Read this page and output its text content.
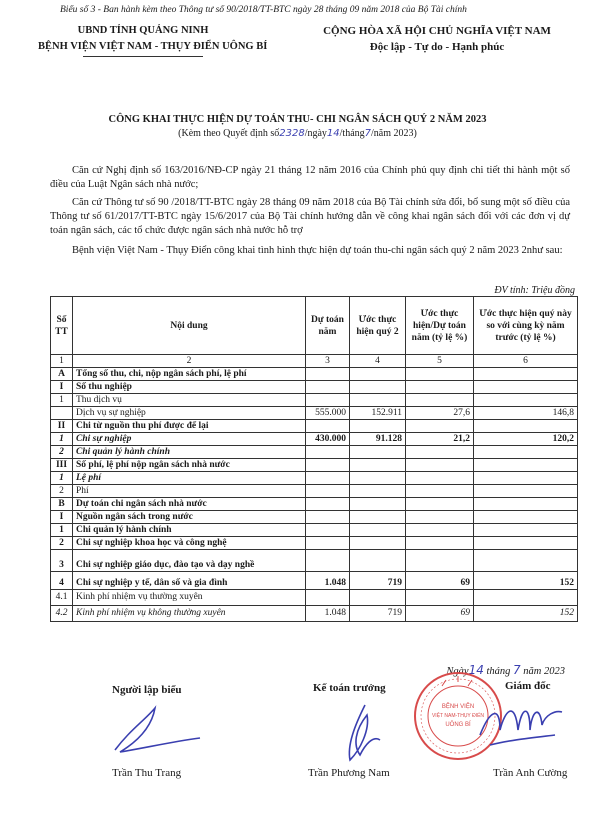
Biểu số 3 - Ban hành kèm theo Thông tư số 90/2018/TT-BTC ngày 28 tháng 09 năm 2018 của Bộ Tài chính
UBND TỈNH QUẢNG NINH
BỆNH VIỆN VIỆT NAM - THỤY ĐIỂN UÔNG BÍ
CỘNG HÒA XÃ HỘI CHỦ NGHĨA VIỆT NAM
Độc lập - Tự do - Hạnh phúc
CÔNG KHAI THỰC HIỆN DỰ TOÁN THU- CHI NGÂN SÁCH QUÝ 2 NĂM 2023
(Kèm theo Quyết định số2328/ngày14/tháng7/năm 2023)

Căn cứ Nghị định số 163/2016/NĐ-CP ngày 21 tháng 12 năm 2016 của Chính phủ quy định chi tiết thi hành một số điều của Luật Ngân sách nhà nước;

Căn cứ Thông tư số 90 /2018/TT-BTC ngày 28 tháng 09 năm 2018 của Bộ Tài chính sửa đổi, bổ sung một số điều của Thông tư số 61/2017/TT-BTC ngày 15/6/2017 của Bộ Tài chính hướng dẫn về công khai ngân sách đối với các đơn vị dự toán ngân sách, các tổ chức được ngân sách nhà nước hỗ trợ

Bệnh viện Việt Nam - Thụy Điển công khai tình hình thực hiện dự toán thu-chi ngân sách quý 2 năm 2023 2như sau:

ĐV tính: Triệu đồng
Số TT	Nội dung	Dự toán năm	Ước thực hiện quý 2	Ước thực hiện/Dự toán năm (tỷ lệ %)	Ước thực hiện quý này so với cùng kỳ năm trước (tỷ lệ %)
1	2	3	4	5	6
A	Tổng số thu, chi, nộp ngân sách phí, lệ phí				
I	Số thu nghiệp				
1	Thu dịch vụ				
	Dịch vụ sự nghiệp	555.000	152.911	27,6	146,8
II	Chi từ nguồn thu phí được để lại				
1	Chi sự nghiệp	430.000	91.128	21,2	120,2
2	Chi quản lý hành chính				
III	Số phí, lệ phí nộp ngân sách nhà nước				
1	Lệ phí				
2	Phí				
B	Dự toán chi ngân sách nhà nước				
I	Nguồn ngân sách trong nước				
1	Chi quản lý hành chính				
2	Chi sự nghiệp khoa học và công nghệ				
3	Chi sự nghiệp giáo dục, đào tạo và dạy nghề				
4	Chi sự nghiệp y tế, dân số và gia đình	1.048	719	69	152
4.1	Kinh phí nhiệm vụ thường xuyên				
4.2	Kinh phí nhiệm vụ không thường xuyên	1.048	719	69	152
Ngày14 tháng 7 năm 2023
Người lập biểu	Kế toán trưởng	Giám đốc
BỆNH VIỆN
VIỆT NAM-THỤY ĐIỂN
UÔNG BÍ
Trần Thu Trang	Trần Phương Nam	Trần Anh Cường
